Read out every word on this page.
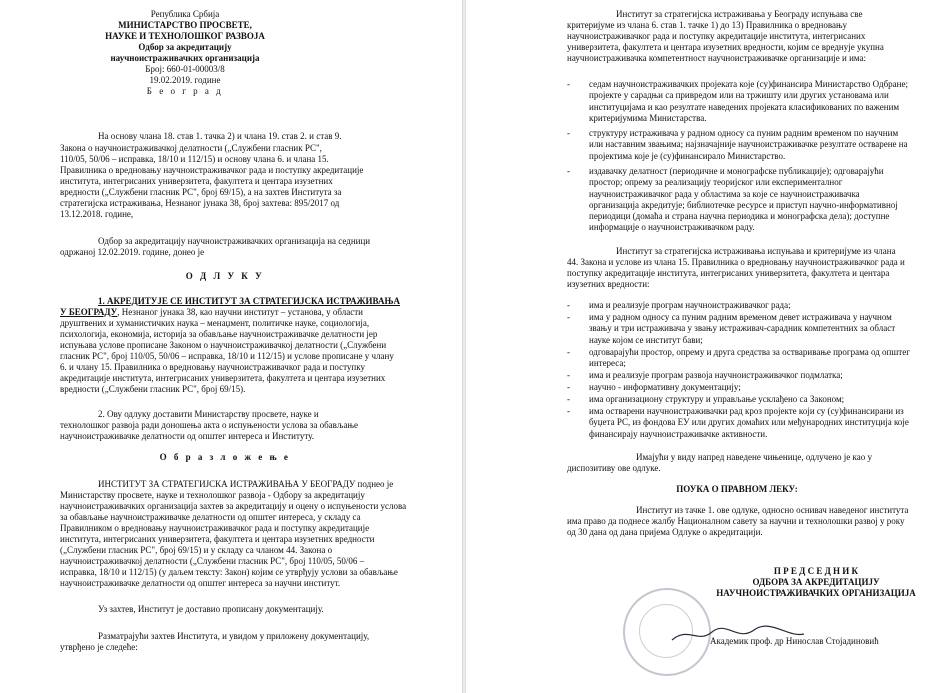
Република Србија
МИНИСТАРСТВО ПРОСВЕТЕ,
НАУКЕ И ТЕХНОЛОШКОГ РАЗВОЈА
Одбор за акредитацију
научноистраживачких организација
Број: 660-01-00003/8
19.02.2019. године
Б е о г р а д
На основу члана 18. став 1. тачка 2) и члана 19. став 2. и став 9.
Закона о научноистраживачкој делатности („Службени гласник РС",
110/05, 50/06 – исправка, 18/10 и 112/15) и основу члана 6. и члана 15.
Правилника о вредновању научноистраживачког рада и поступку акредитације
института, интегрисаних универзитета, факултета и центара изузетних
вредности („Службени гласник РС", број 69/15), а на захтев Института за
стратегијска истраживања, Незнаног јунака 38, број захтева: 895/2017 од
13.12.2018. године,
Одбор за акредитацију научноистраживачких организација на седници
одржаној 12.02.2019. године, донео је
О Д Л У К У
1. АКРЕДИТУЈЕ СЕ ИНСТИТУТ ЗА СТРАТЕГИЈСКА ИСТРАЖИВАЊА
У БЕОГРАДУ, Незнаног јунака 38, као научни институт – установа, у области
друштвених и хуманистичких наука – менаџмент, политичке науке, социологија,
психологија, економија, историја за обављање научноистраживачке делатности јер
испуњава услове прописане Законом о научноистраживачкој делатности („Службени
гласник РС", број 110/05, 50/06 – исправка, 18/10 и 112/15) и условe прописане у члану
6. и члану 15. Правилника о вредновању научноистраживачког рада и поступку
акредитације института, интегрисаних универзитета, факултета и центара изузетних
вредности („Службени гласник РС", број 69/15).
2. Ову одлуку доставити Министарству просвете, науке и
технолошког развоја ради доношења акта о испуњености услова за обављање
научноистраживачке делатности од општег интереса и Институту.
О б р а з л о ж е њ е
ИНСТИТУТ ЗА СТРАТЕГИЈСКА ИСТРАЖИВАЊА У БЕОГРАДУ поднео је
Министарству просвете, науке и технолошког развоја - Одбору за акредитацију
научноистраживачких организација захтев за акредитацију и оцену о испуњености услова
за обављање научноистраживачке делатности од општег интереса, у складу са
Правилником о вредновању научноистраживачког рада и поступку акредитације
института, интегрисаних универзитета, факултета и центара изузетних вредности
(„Службени гласник РС", број 69/15) и у складу са чланом 44. Закона о
научноистраживачкој делатности („Службени гласник РС", број 110/05, 50/06 –
исправка, 18/10 и 112/15) (у даљем тексту: Закон) којим се утврђују услови за обављање
научноистраживачке делатности од општег интереса за научни институт.
Уз захтев, Институт је доставио прописану документацију.
Разматрајући захтев Института, и увидом у приложену документацију,
утврђено је следеће:
Институт за стратегијска истраживања у Београду испуњава све
критеријуме из члана 6. став 1. тачке 1) до 13) Правилника о вредновању
научноистраживачког рада и поступку акредитације института, интегрисаних
универзитета, факултета и центара изузетних вредности, којим се вреднује укупна
научноистраживачка компетентност научноистраживачке организације и има:
- седам научноистраживачких пројеката које (су)финансира Министарство Одбране;
пројекте у сарадњи са привредом или на тржишту или других установама или
институцијама и као резултате наведених пројеката класификованих по важеним
критеријумима Министарства.
- структуру истраживача у радном односу са пуним радним временом по научним
или наставним звањима; најзначајније научноистраживачке резултате остварене на
пројектима које је (су)финансирало Министарство.
- издавачку делатност (периодичне и монографске публикације); одговарајући
простор; опрему за реализацију теоријског или експерименталног
научноистраживачког рада у областима за које се научноистраживачка
организација акредитује; библиотечке ресурсе и приступ научно-информативној
периодици (домаћа и страна научна периодика и монографска дела); доступне
информације о научноистраживачком раду.
Институт за стратегијска истраживања испуњава и критеријуме из члана
44. Закона и услове из члана 15. Правилника о вредновању научноистраживачког рада и
поступку акредитације института, интегрисаних универзитета, факултета и центара
изузетних вредности:
- има и реализује програм научноистраживачког рада;
- има у радном односу са пуним радним временом девет истраживача у научном
звању и три истраживача у звању истраживач-сарадник компетентних за област
науке којом се институт бави;
- одговарајући простор, опрему и друга средства за остваривање програма од општег
интереса;
- има и реализује програм развоја научноистраживачког подмлатка;
- научно - информативну документацију;
- има организациону структуру и управљање усклађено са Законом;
- има остварени научноистраживачки рад кроз пројекте који су (су)финансирани из
буџета РС, из фондова ЕУ или других домаћих или међународних институција које
финансирају научноистраживачке активности.
Имајући у виду напред наведене чињенице, одлучено је као у
диспозитиву ове одлуке.
ПОУКА О ПРАВНОМ ЛЕКУ:
Институт из тачке 1. ове одлуке, односно оснивач наведеног института
има право да поднесе жалбу Националном савету за научни и технолошки развој у року
од 30 дана од дана пријема Одлуке о акредитацији.
П Р Е Д С Е Д Н И К
ОДБОРА ЗА АКРЕДИТАЦИЈУ
НАУЧНОИСТРАЖИВАЧКИХ ОРГАНИЗАЦИЈА
Академик проф. др Нинослав Стојадиновић
